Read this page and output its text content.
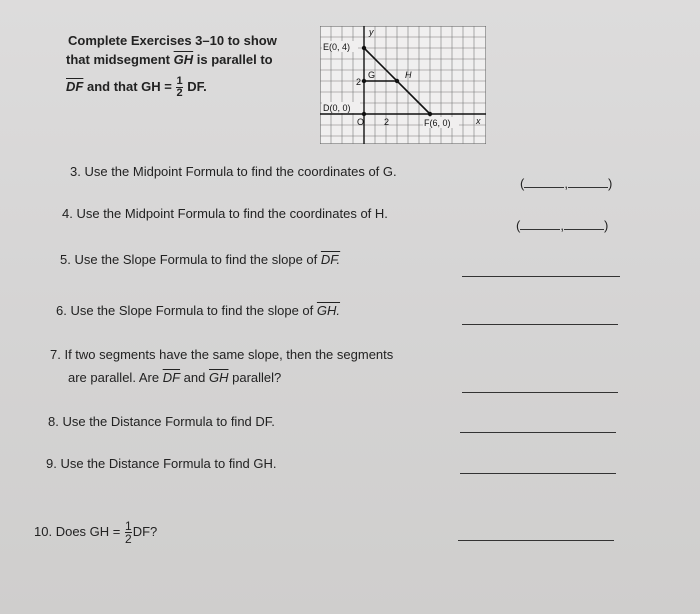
Complete Exercises 3–10 to show
that midsegment $\overline{GH}$ is parallel to
$\overline{DF}$ and that GH = $\frac{1}{2}$ DF.
E(0, 4)
D(0, 0)
F(6, 0)
G	H
2
2
O
y
x
3. Use the Midpoint Formula to find the coordinates of G.
(	,	)
4. Use the Midpoint Formula to find the coordinates of H.
(	,	)
5. Use the Slope Formula to find the slope of DF.
6. Use the Slope Formula to find the slope of GH.
7. If two segments have the same slope, then the segments
are parallel. Are $\overline{DF}$ and $\overline{GH}$ parallel?
8. Use the Distance Formula to find DF.
9. Use the Distance Formula to find GH.
10. Does GH = $\frac{1}{2}$ DF?
